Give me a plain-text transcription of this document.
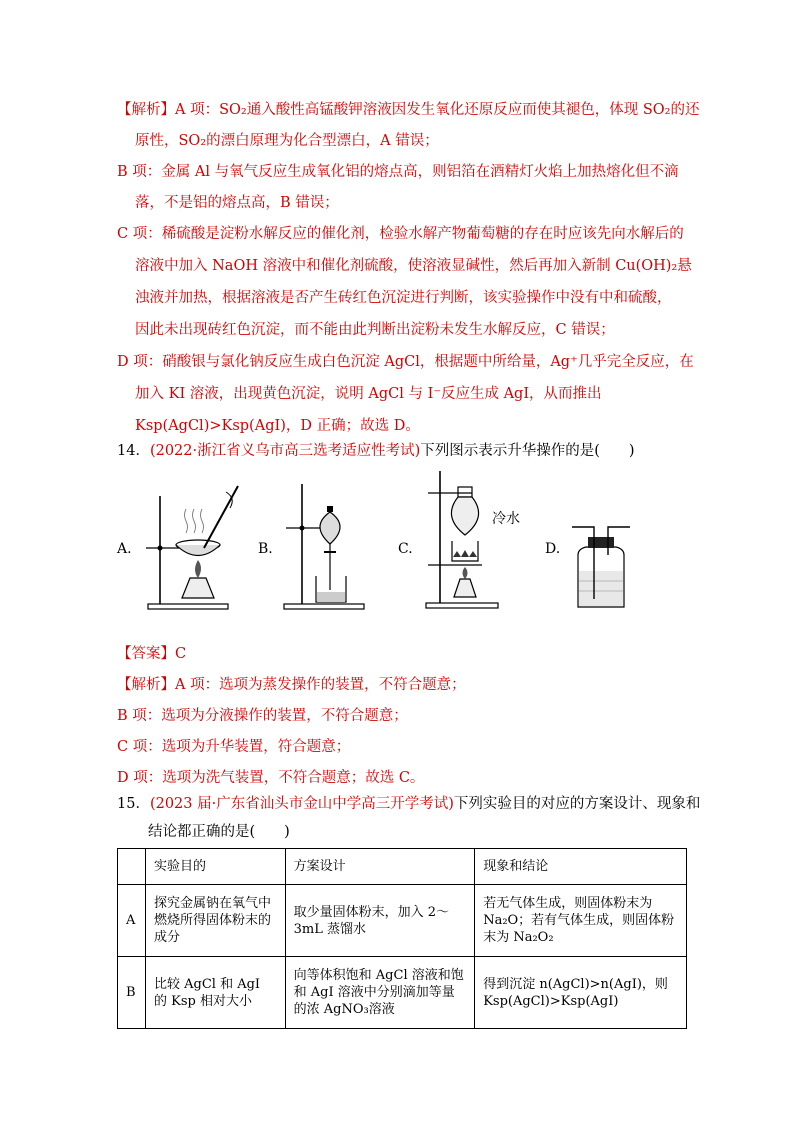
【解析】A 项：SO₂通入酸性高锰酸钾溶液因发生氧化还原反应而使其褪色，体现 SO₂的还
原性，SO₂的漂白原理为化合型漂白，A 错误；
B 项：金属 Al 与氧气反应生成氧化铝的熔点高，则铝箔在酒精灯火焰上加热熔化但不滴
落，不是铝的熔点高，B 错误；
C 项：稀硫酸是淀粉水解反应的催化剂，检验水解产物葡萄糖的存在时应该先向水解后的
溶液中加入 NaOH 溶液中和催化剂硫酸，使溶液显碱性，然后再加入新制 Cu(OH)₂悬
浊液并加热，根据溶液是否产生砖红色沉淀进行判断，该实验操作中没有中和硫酸，
因此未出现砖红色沉淀，而不能由此判断出淀粉未发生水解反应，C 错误；
D 项：硝酸银与氯化钠反应生成白色沉淀 AgCl，根据题中所给量，Ag⁺几乎完全反应，在
加入 KI 溶液，出现黄色沉淀，说明 AgCl 与 I⁻反应生成 AgI，从而推出
Ksp(AgCl)>Ksp(AgI)，D 正确；故选 D。
14．(2022·浙江省义乌市高三选考适应性考试)下列图示表示升华操作的是(　　)
A.	B.	C.
冷水
D.
【答案】C
【解析】A 项：选项为蒸发操作的装置，不符合题意；
B 项：选项为分液操作的装置，不符合题意；
C 项：选项为升华装置，符合题意；
D 项：选项为洗气装置，不符合题意；故选 C。
15．(2023 届·广东省汕头市金山中学高三开学考试)下列实验目的对应的方案设计、现象和
结论都正确的是(　　)
	实验目的	方案设计	现象和结论
A	探究金属钠在氧气中燃烧所得固体粉末的成分	取少量固体粉末，加入 2～3mL 蒸馏水	若无气体生成，则固体粉末为 Na₂O；若有气体生成，则固体粉末为 Na₂O₂
B	比较 AgCl 和 AgI 的 Ksp 相对大小	向等体积饱和 AgCl 溶液和饱和 AgI 溶液中分别滴加等量的浓 AgNO₃溶液	得到沉淀 n(AgCl)>n(AgI)，则 Ksp(AgCl)>Ksp(AgI)
